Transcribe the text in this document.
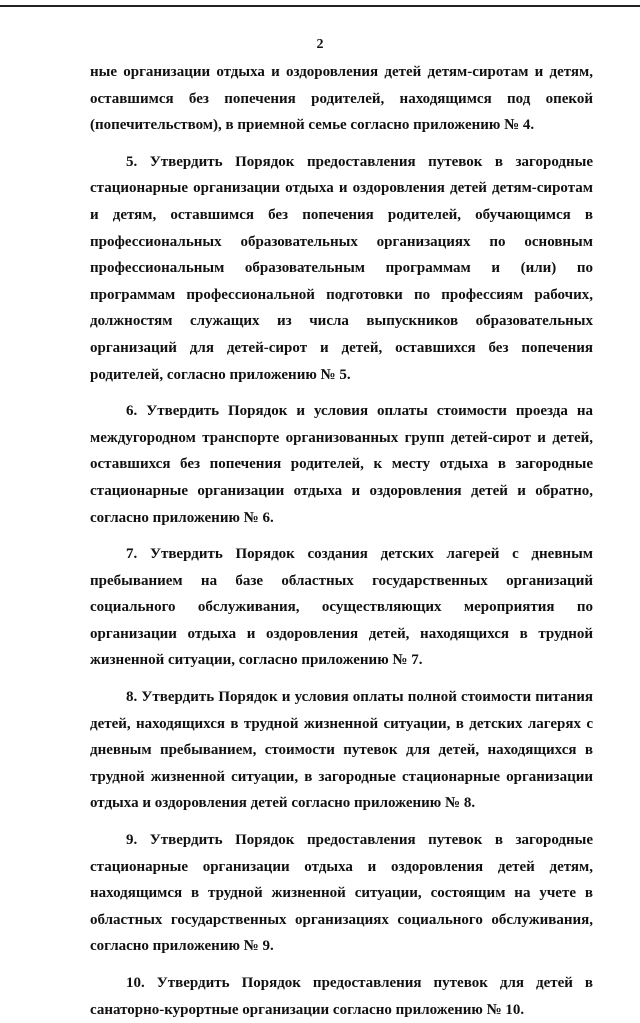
2

ные организации отдыха и оздоровления детей детям-сиротам и детям, оставшимся без попечения родителей, находящимся под опекой (попечительством), в приемной семье согласно приложению № 4.

5. Утвердить Порядок предоставления путевок в загородные стационарные организации отдыха и оздоровления детей детям-сиротам и детям, оставшимся без попечения родителей, обучающимся в профессиональных образовательных организациях по основным профессиональным образовательным программам и (или) по программам профессиональной подготовки по профессиям рабочих, должностям служащих из числа выпускников образовательных организаций для детей-сирот и детей, оставшихся без попечения родителей, согласно приложению № 5.

6. Утвердить Порядок и условия оплаты стоимости проезда на междугородном транспорте организованных групп детей-сирот и детей, оставшихся без попечения родителей, к месту отдыха в загородные стационарные организации отдыха и оздоровления детей и обратно, согласно приложению № 6.

7. Утвердить Порядок создания детских лагерей с дневным пребыванием на базе областных государственных организаций социального обслуживания, осуществляющих мероприятия по организации отдыха и оздоровления детей, находящихся в трудной жизненной ситуации, согласно приложению № 7.

8. Утвердить Порядок и условия оплаты полной стоимости питания детей, находящихся в трудной жизненной ситуации, в детских лагерях с дневным пребыванием, стоимости путевок для детей, находящихся в трудной жизненной ситуации, в загородные стационарные организации отдыха и оздоровления детей согласно приложению № 8.

9. Утвердить Порядок предоставления путевок в загородные стационарные организации отдыха и оздоровления детей детям, находящимся в трудной жизненной ситуации, состоящим на учете в областных государственных организациях социального обслуживания, согласно приложению № 9.

10. Утвердить Порядок предоставления путевок для детей в санаторно-курортные организации согласно приложению № 10.
